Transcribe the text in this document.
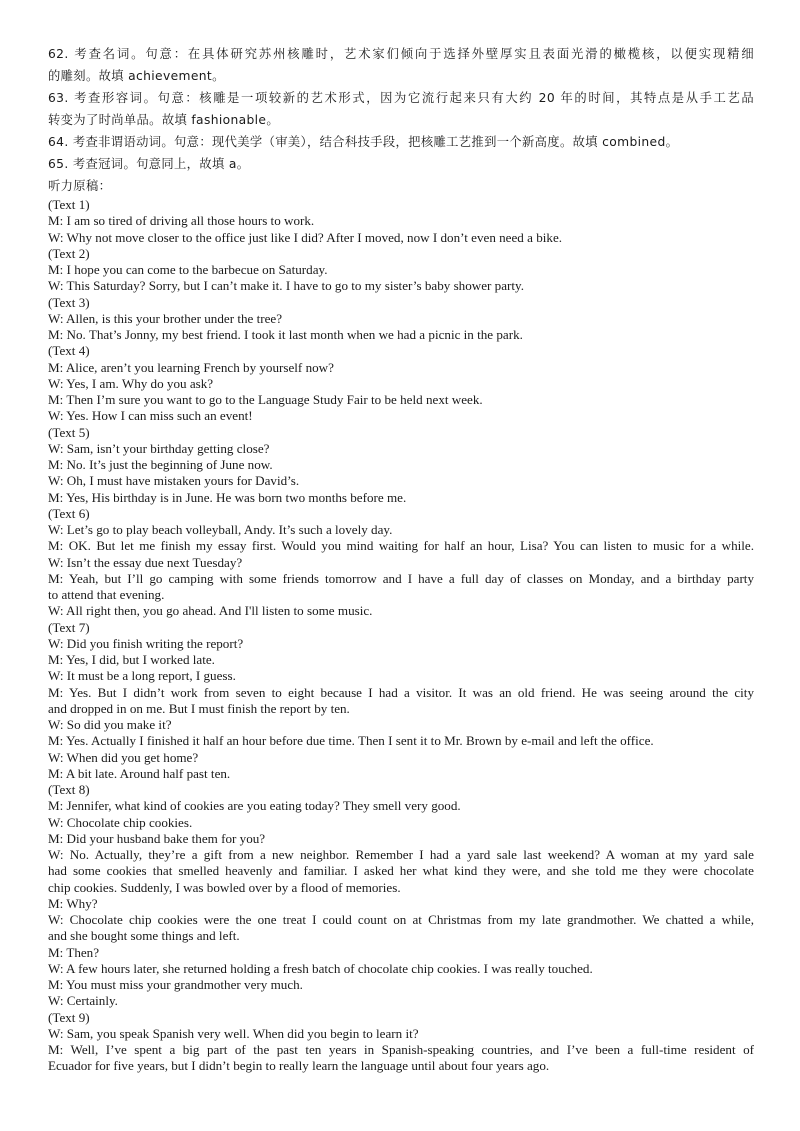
62. 考查名词。句意：在具体研究苏州核雕时，艺术家们倾向于选择外壁厚实且表面光滑的橄榄核，以便实现精细
的雕刻。故填 achievement。
63. 考查形容词。句意：核雕是一项较新的艺术形式，因为它流行起来只有大约 20 年的时间，其特点是从手工艺品
转变为了时尚单品。故填 fashionable。
64. 考查非谓语动词。句意：现代美学（审美），结合科技手段，把核雕工艺推到一个新高度。故填 combined。
65. 考查冠词。句意同上，故填 a。
听力原稿：
(Text 1)
M: I am so tired of driving all those hours to work.
W: Why not move closer to the office just like I did? After I moved, now I don’t even need a bike.
(Text 2)
M: I hope you can come to the barbecue on Saturday.
W: This Saturday? Sorry, but I can’t make it. I have to go to my sister’s baby shower party.
(Text 3)
W: Allen, is this your brother under the tree?
M: No. That’s Jonny, my best friend. I took it last month when we had a picnic in the park.
(Text 4)
M: Alice, aren’t you learning French by yourself now?
W: Yes, I am. Why do you ask?
M: Then I’m sure you want to go to the Language Study Fair to be held next week.
W: Yes. How I can miss such an event!
(Text 5)
W: Sam, isn’t your birthday getting close?
M: No. It’s just the beginning of June now.
W: Oh, I must have mistaken yours for David’s.
M: Yes, His birthday is in June. He was born two months before me.
(Text 6)
W: Let’s go to play beach volleyball, Andy. It’s such a lovely day.
M: OK. But let me finish my essay first. Would you mind waiting for half an hour, Lisa? You can listen to music for a while.
W: Isn’t the essay due next Tuesday?
M: Yeah, but I’ll go camping with some friends tomorrow and I have a full day of classes on Monday, and a birthday party
to attend that evening.
W: All right then, you go ahead. And I'll listen to some music.
(Text 7)
W: Did you finish writing the report?
M: Yes, I did, but I worked late.
W: It must be a long report, I guess.
M: Yes. But I didn’t work from seven to eight because I had a visitor. It was an old friend. He was seeing around the city
and dropped in on me. But I must finish the report by ten.
W: So did you make it?
M: Yes. Actually I finished it half an hour before due time. Then I sent it to Mr. Brown by e-mail and left the office.
W: When did you get home?
M: A bit late. Around half past ten.
(Text 8)
M: Jennifer, what kind of cookies are you eating today? They smell very good.
W: Chocolate chip cookies.
M: Did your husband bake them for you?
W: No. Actually, they’re a gift from a new neighbor. Remember I had a yard sale last weekend? A woman at my yard sale
had some cookies that smelled heavenly and familiar. I asked her what kind they were, and she told me they were chocolate
chip cookies. Suddenly, I was bowled over by a flood of memories.
M: Why?
W: Chocolate chip cookies were the one treat I could count on at Christmas from my late grandmother. We chatted a while,
and she bought some things and left.
M: Then?
W: A few hours later, she returned holding a fresh batch of chocolate chip cookies. I was really touched.
M: You must miss your grandmother very much.
W: Certainly.
(Text 9)
W: Sam, you speak Spanish very well. When did you begin to learn it?
M: Well, I’ve spent a big part of the past ten years in Spanish-speaking countries, and I’ve been a full-time resident of
Ecuador for five years, but I didn’t begin to really learn the language until about four years ago.
